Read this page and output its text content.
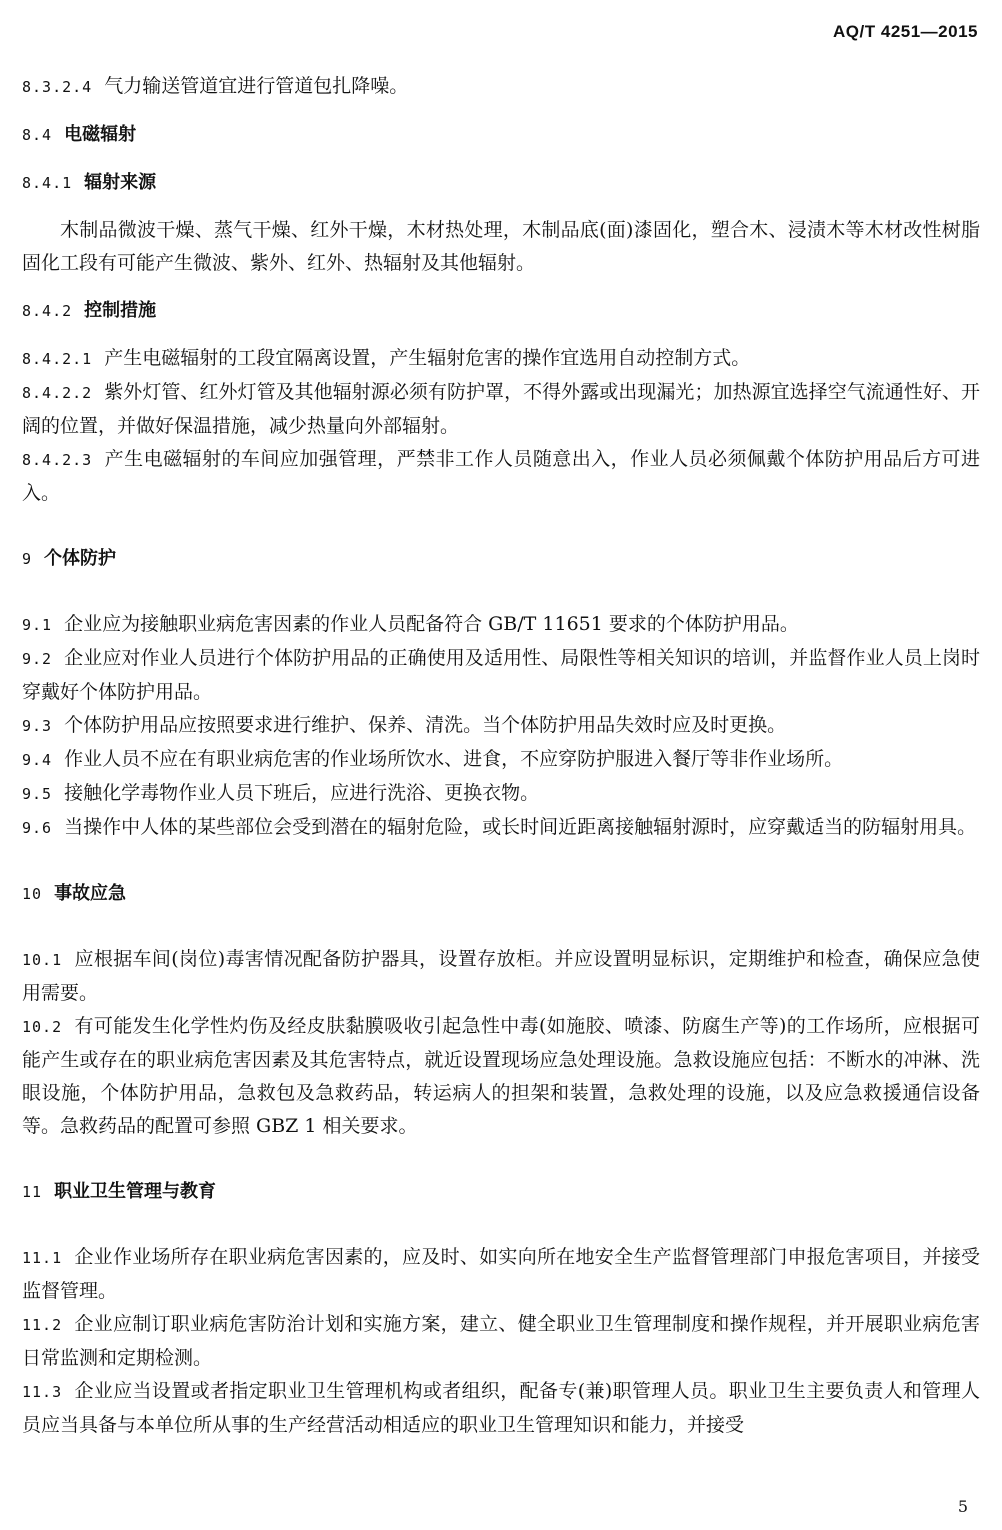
AQ/T 4251—2015

8.3.2.4 气力输送管道宜进行管道包扎降噪。

8.4 电磁辐射

8.4.1 辐射来源

木制品微波干燥、蒸气干燥、红外干燥，木材热处理，木制品底(面)漆固化，塑合木、浸渍木等木材改性树脂固化工段有可能产生微波、紫外、红外、热辐射及其他辐射。

8.4.2 控制措施

8.4.2.1 产生电磁辐射的工段宜隔离设置，产生辐射危害的操作宜选用自动控制方式。

8.4.2.2 紫外灯管、红外灯管及其他辐射源必须有防护罩，不得外露或出现漏光；加热源宜选择空气流通性好、开阔的位置，并做好保温措施，减少热量向外部辐射。

8.4.2.3 产生电磁辐射的车间应加强管理，严禁非工作人员随意出入，作业人员必须佩戴个体防护用品后方可进入。

9 个体防护

9.1 企业应为接触职业病危害因素的作业人员配备符合 GB/T 11651 要求的个体防护用品。

9.2 企业应对作业人员进行个体防护用品的正确使用及适用性、局限性等相关知识的培训，并监督作业人员上岗时穿戴好个体防护用品。

9.3 个体防护用品应按照要求进行维护、保养、清洗。当个体防护用品失效时应及时更换。

9.4 作业人员不应在有职业病危害的作业场所饮水、进食，不应穿防护服进入餐厅等非作业场所。

9.5 接触化学毒物作业人员下班后，应进行洗浴、更换衣物。

9.6 当操作中人体的某些部位会受到潜在的辐射危险，或长时间近距离接触辐射源时，应穿戴适当的防辐射用具。

10 事故应急

10.1 应根据车间(岗位)毒害情况配备防护器具，设置存放柜。并应设置明显标识，定期维护和检查，确保应急使用需要。

10.2 有可能发生化学性灼伤及经皮肤黏膜吸收引起急性中毒(如施胶、喷漆、防腐生产等)的工作场所，应根据可能产生或存在的职业病危害因素及其危害特点，就近设置现场应急处理设施。急救设施应包括：不断水的冲淋、洗眼设施，个体防护用品，急救包及急救药品，转运病人的担架和装置，急救处理的设施，以及应急救援通信设备等。急救药品的配置可参照 GBZ 1 相关要求。

11 职业卫生管理与教育

11.1 企业作业场所存在职业病危害因素的，应及时、如实向所在地安全生产监督管理部门申报危害项目，并接受监督管理。

11.2 企业应制订职业病危害防治计划和实施方案，建立、健全职业卫生管理制度和操作规程，并开展职业病危害日常监测和定期检测。

11.3 企业应当设置或者指定职业卫生管理机构或者组织，配备专(兼)职管理人员。职业卫生主要负责人和管理人员应当具备与本单位所从事的生产经营活动相适应的职业卫生管理知识和能力，并接受

5
